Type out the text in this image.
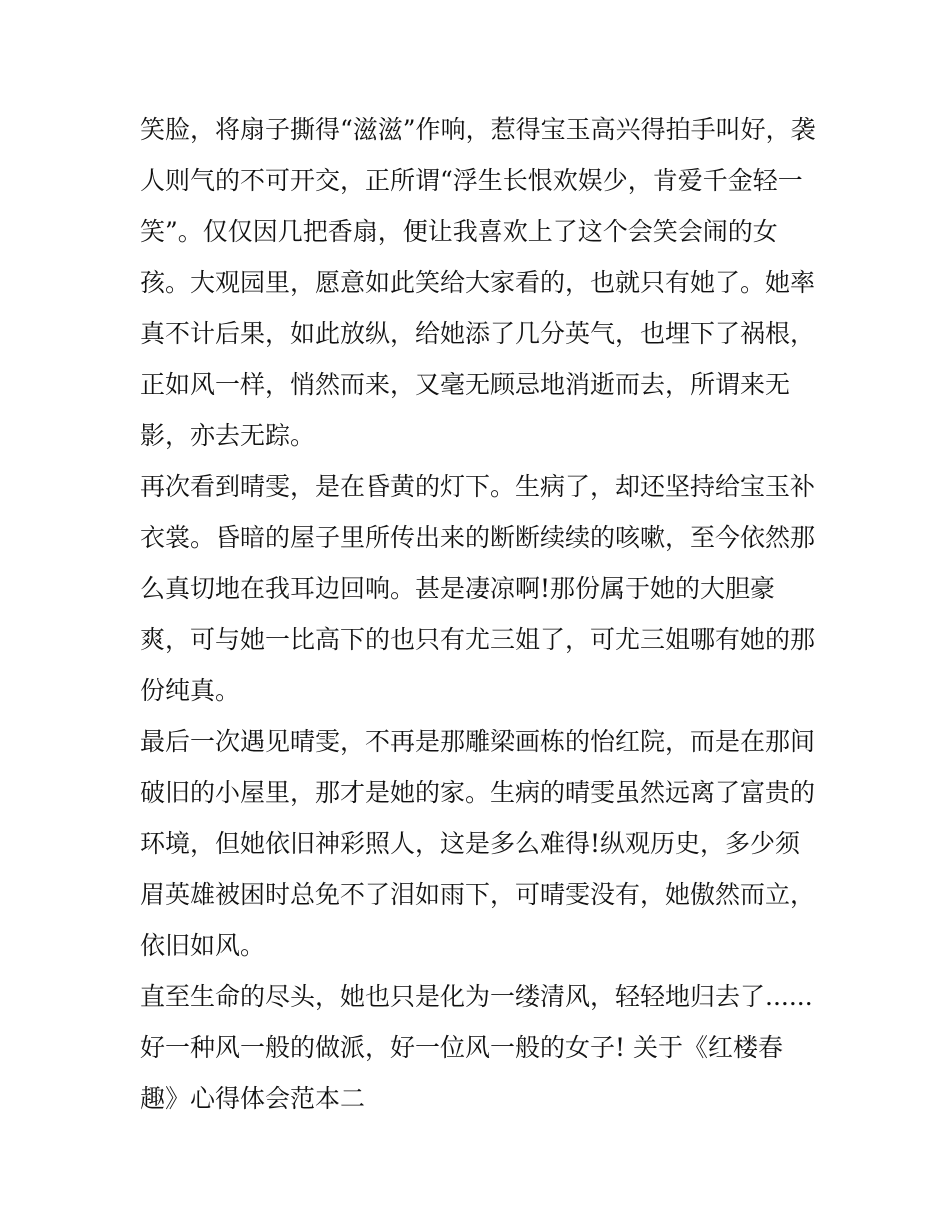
笑脸，将扇子撕得“滋滋”作响，惹得宝玉高兴得拍手叫好，袭
人则气的不可开交，正所谓“浮生长恨欢娱少，肯爱千金轻一
笑”。仅仅因几把香扇，便让我喜欢上了这个会笑会闹的女
孩。大观园里，愿意如此笑给大家看的，也就只有她了。她率
真不计后果，如此放纵，给她添了几分英气，也埋下了祸根，
正如风一样，悄然而来，又毫无顾忌地消逝而去，所谓来无
影，亦去无踪。
再次看到晴雯，是在昏黄的灯下。生病了，却还坚持给宝玉补
衣裳。昏暗的屋子里所传出来的断断续续的咳嗽，至今依然那
么真切地在我耳边回响。甚是凄凉啊!那份属于她的大胆豪
爽，可与她一比高下的也只有尤三姐了，可尤三姐哪有她的那
份纯真。
最后一次遇见晴雯，不再是那雕梁画栋的怡红院，而是在那间
破旧的小屋里，那才是她的家。生病的晴雯虽然远离了富贵的
环境，但她依旧神彩照人，这是多么难得!纵观历史，多少须
眉英雄被困时总免不了泪如雨下，可晴雯没有，她傲然而立，
依旧如风。
直至生命的尽头，她也只是化为一缕清风，轻轻地归去了......
好一种风一般的做派，好一位风一般的女子! 关于《红楼春
趣》心得体会范本二
